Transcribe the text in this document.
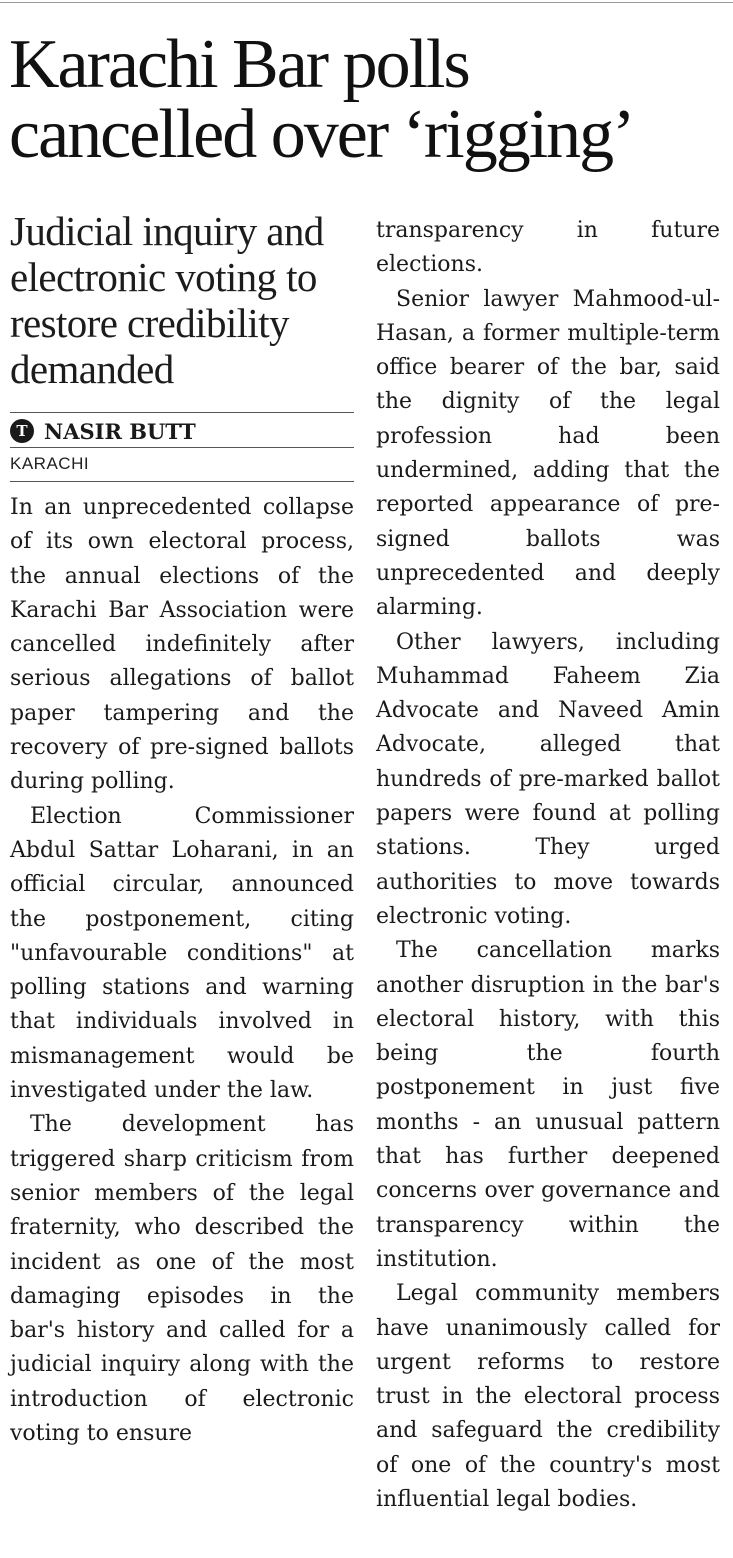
Karachi Bar polls cancelled over ‘rigging’
Judicial inquiry and electronic voting to restore credibility demanded
T NASIR BUTT
KARACHI

In an unprecedented collapse of its own electoral process, the annual elections of the Karachi Bar Association were cancelled indefinitely after serious allegations of ballot paper tampering and the recovery of pre-signed ballots during polling.

Election Commissioner Abdul Sattar Loharani, in an official circular, announced the postponement, citing "unfavourable conditions" at polling stations and warning that individuals involved in mismanagement would be investigated under the law.

The development has triggered sharp criticism from senior members of the legal fraternity, who described the incident as one of the most damaging episodes in the bar's history and called for a judicial inquiry along with the introduction of electronic voting to ensure

transparency in future elections.

Senior lawyer Mahmood-ul-Hasan, a former multiple-term office bearer of the bar, said the dignity of the legal profession had been undermined, adding that the reported appearance of pre-signed ballots was unprecedented and deeply alarming.

Other lawyers, including Muhammad Faheem Zia Advocate and Naveed Amin Advocate, alleged that hundreds of pre-marked ballot papers were found at polling stations. They urged authorities to move towards electronic voting.

The cancellation marks another disruption in the bar's electoral history, with this being the fourth postponement in just five months - an unusual pattern that has further deepened concerns over governance and transparency within the institution.

Legal community members have unanimously called for urgent reforms to restore trust in the electoral process and safeguard the credibility of one of the country's most influential legal bodies.
